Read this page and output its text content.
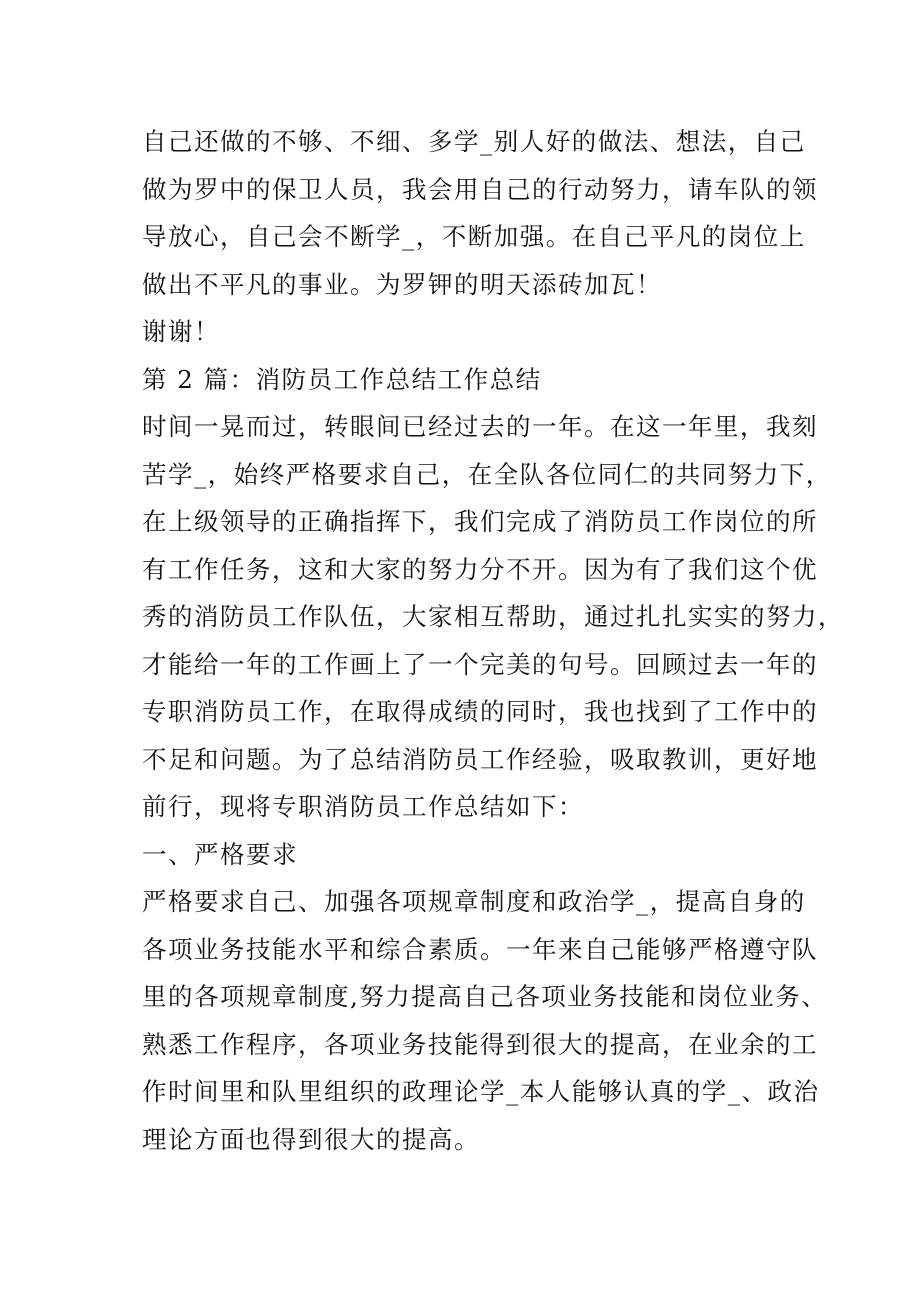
自己还做的不够、不细、多学_别人好的做法、想法，自己
做为罗中的保卫人员，我会用自己的行动努力，请车队的领
导放心，自己会不断学_，不断加强。在自己平凡的岗位上
做出不平凡的事业。为罗钾的明天添砖加瓦！
谢谢！
第 2 篇：消防员工作总结工作总结
时间一晃而过，转眼间已经过去的一年。在这一年里，我刻
苦学_，始终严格要求自己，在全队各位同仁的共同努力下，
在上级领导的正确指挥下，我们完成了消防员工作岗位的所
有工作任务，这和大家的努力分不开。因为有了我们这个优
秀的消防员工作队伍，大家相互帮助，通过扎扎实实的努力，
才能给一年的工作画上了一个完美的句号。回顾过去一年的
专职消防员工作，在取得成绩的同时，我也找到了工作中的
不足和问题。为了总结消防员工作经验，吸取教训，更好地
前行，现将专职消防员工作总结如下：
一、严格要求
严格要求自己、加强各项规章制度和政治学_，提高自身的
各项业务技能水平和综合素质。一年来自己能够严格遵守队
里的各项规章制度,努力提高自己各项业务技能和岗位业务、
熟悉工作程序，各项业务技能得到很大的提高，在业余的工
作时间里和队里组织的政理论学_本人能够认真的学_、政治
理论方面也得到很大的提高。
